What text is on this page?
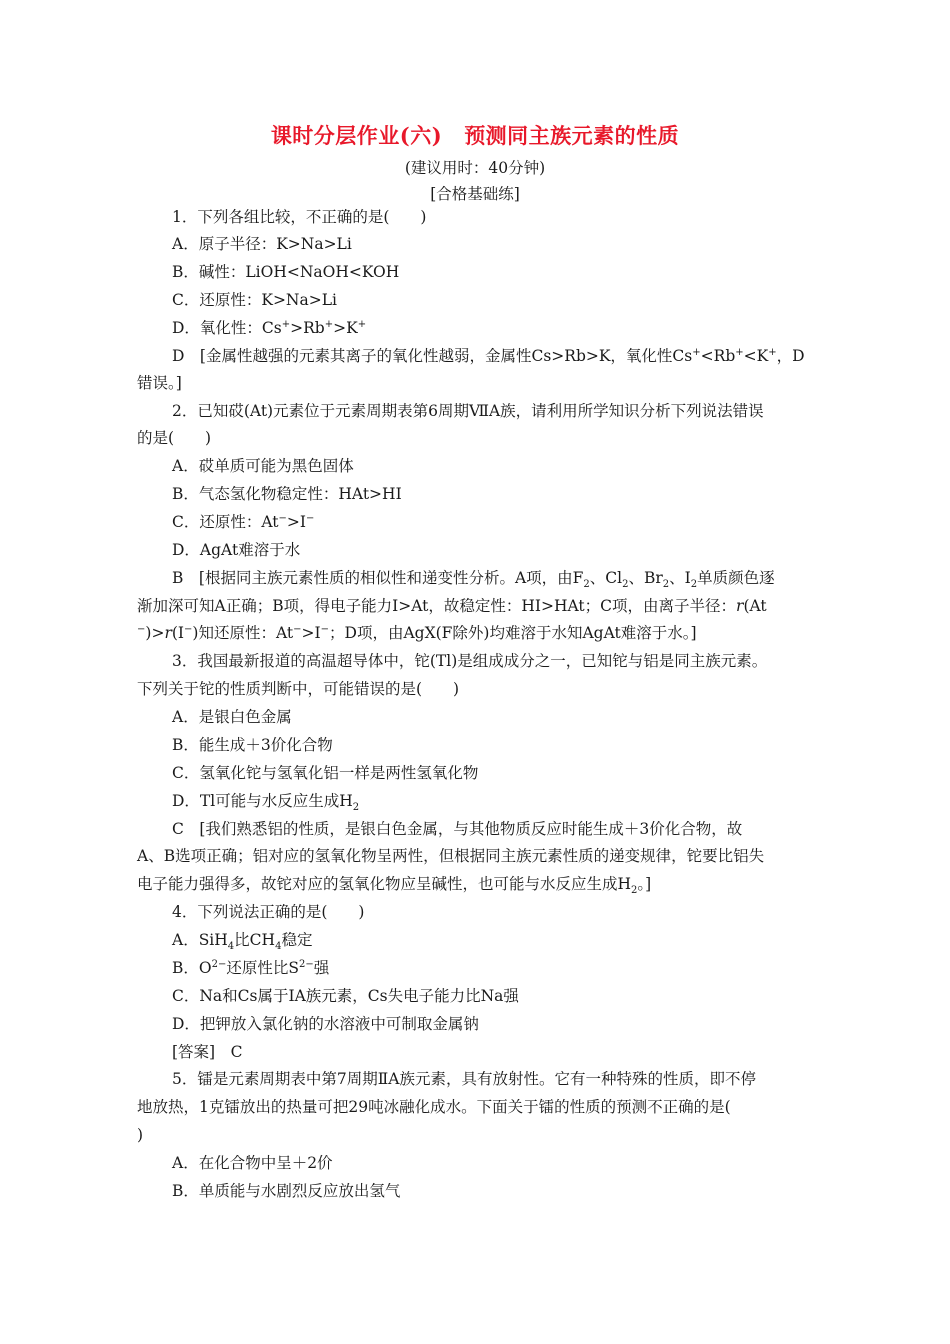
课时分层作业(六) 预测同主族元素的性质
(建议用时：40分钟)
[合格基础练]
1．下列各组比较，不正确的是(　　)
A．原子半径：K>Na>Li
B．碱性：LiOH<NaOH<KOH
C．还原性：K>Na>Li
D．氧化性：Cs+>Rb+>K+
D　[金属性越强的元素其离子的氧化性越弱，金属性Cs>Rb>K，氧化性Cs+<Rb+<K+，D
错误。]
2．已知砹(At)元素位于元素周期表第6周期ⅦA族，请利用所学知识分析下列说法错误
的是(　　)
A．砹单质可能为黑色固体
B．气态氢化物稳定性：HAt>HI
C．还原性：At−>I−
D．AgAt难溶于水
B　[根据同主族元素性质的相似性和递变性分析。A项，由$F_2$、$Cl_2$、$Br_2$、$I_2$单质颜色逐
渐加深可知A正确；B项，得电子能力I>At，故稳定性：HI>HAt；C项，由离子半径：r(At
−)>r(I−)知还原性：At−>I−；D项，由AgX(F除外)均难溶于水知AgAt难溶于水。]
3．我国最新报道的高温超导体中，铊(Tl)是组成成分之一，已知铊与铝是同主族元素。
下列关于铊的性质判断中，可能错误的是(　　)
A．是银白色金属
B．能生成＋3价化合物
C．氢氧化铊与氢氧化铝一样是两性氢氧化物
D．Tl可能与水反应生成$H_2$
C　[我们熟悉铝的性质，是银白色金属，与其他物质反应时能生成＋3价化合物，故
A、B选项正确；铝对应的氢氧化物呈两性，但根据同主族元素性质的递变规律，铊要比铝失
电子能力强得多，故铊对应的氢氧化物应呈碱性，也可能与水反应生成$H_2$。]
4．下列说法正确的是(　　)
A．SiH$_4$比$CH_4$稳定
B．$O^{2-}$还原性比$S^{2-}$强
C．Na和Cs属于ⅠA族元素，Cs失电子能力比Na强
D．把钾放入氯化钠的水溶液中可制取金属钠
[答案]　C
5．镭是元素周期表中第7周期ⅡA族元素，具有放射性。它有一种特殊的性质，即不停
地放热，1克镭放出的热量可把29吨冰融化成水。下面关于镭的性质的预测不正确的是(
)
A．在化合物中呈＋2价
B．单质能与水剧烈反应放出氢气
